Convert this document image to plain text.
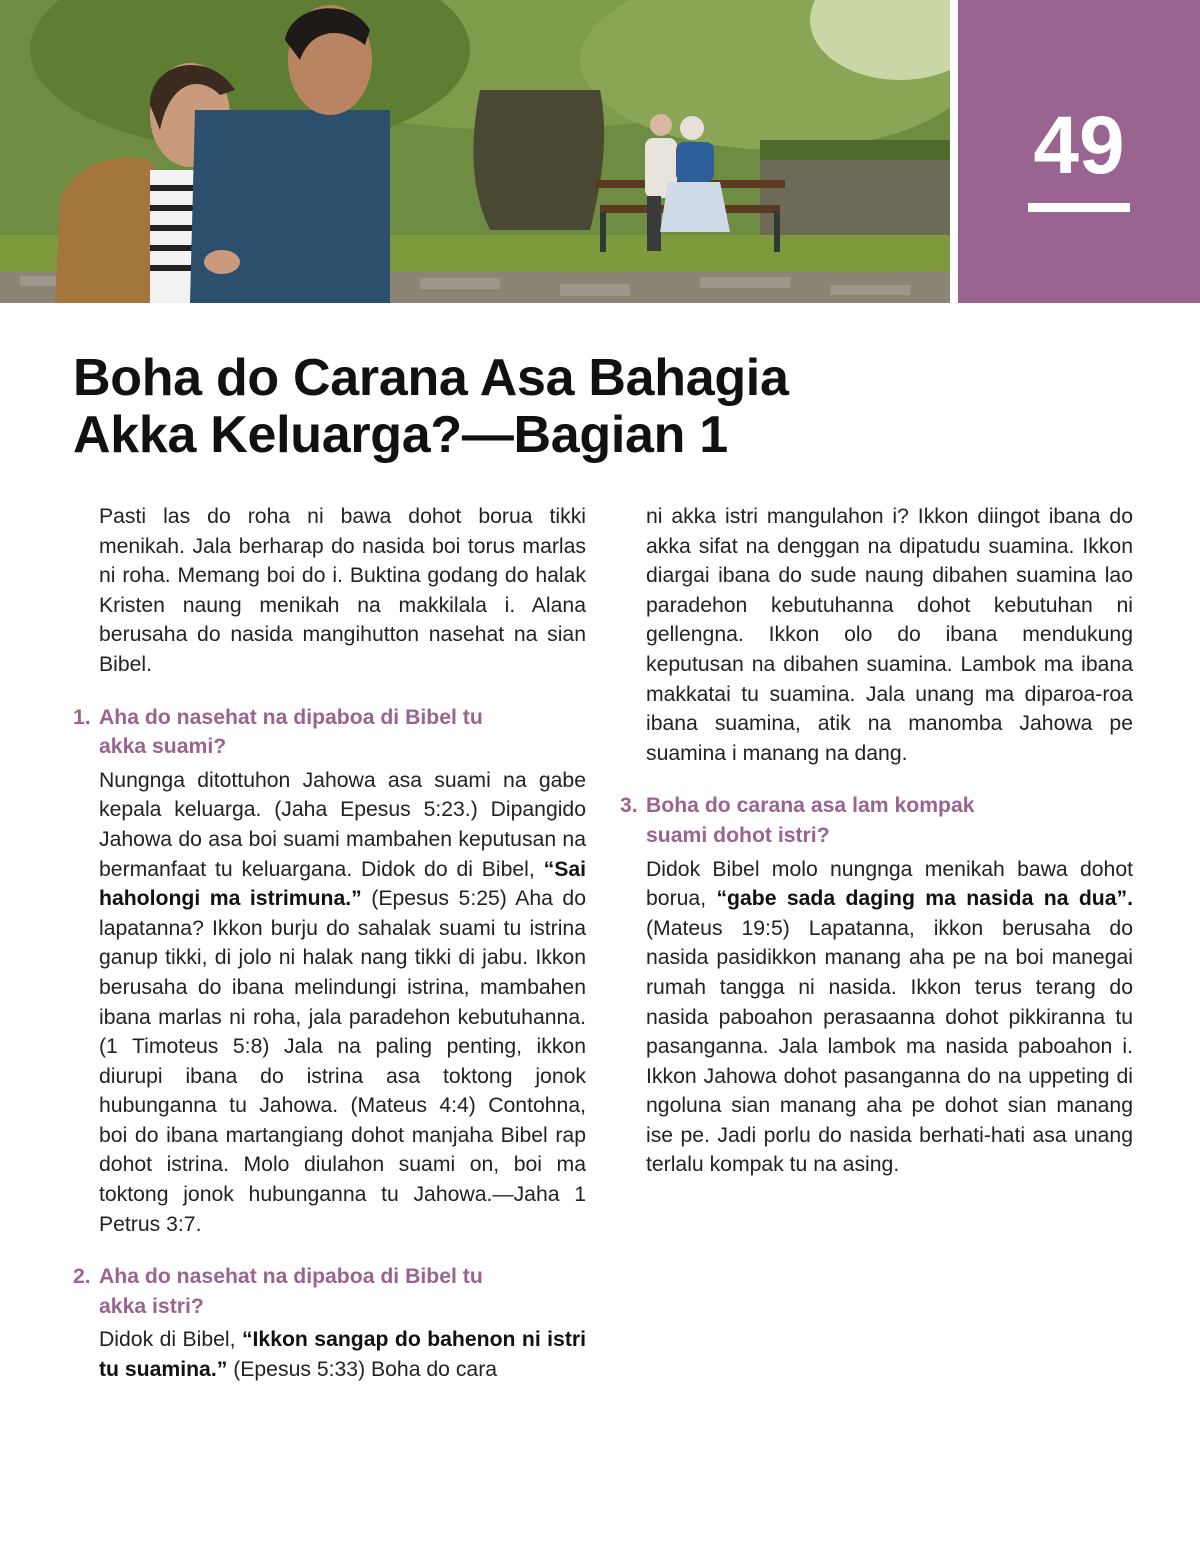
49
Boha do Carana Asa Bahagia
Akka Keluarga?—Bagian 1

Pasti las do roha ni bawa dohot borua tikki menikah. Jala berharap do nasida boi torus marlas ni roha. Memang boi do i. Buktina godang do halak Kristen naung menikah na makkilala i. Alana berusaha do nasida mangihutton nasehat na sian Bibel.

1. Aha do nasehat na dipaboa di Bibel tu akka suami?

Nungnga ditottuhon Jahowa asa suami na gabe kepala keluarga. (Jaha Epesus 5:23.) Dipangido Jahowa do asa boi suami mambahen keputusan na bermanfaat tu keluargana. Didok do di Bibel, “Sai haholongi ma istrimuna.” (Epesus 5:25) Aha do lapatanna? Ikkon burju do sahalak suami tu istrina ganup tikki, di jolo ni halak nang tikki di jabu. Ikkon berusaha do ibana melindungi istrina, mambahen ibana marlas ni roha, jala paradehon kebutuhanna. (1 Timoteus 5:8) Jala na paling penting, ikkon diurupi ibana do istrina asa toktong jonok hubunganna tu Jahowa. (Mateus 4:4) Contohna, boi do ibana martangiang dohot manjaha Bibel rap dohot istrina. Molo diulahon suami on, boi ma toktong jonok hubunganna tu Jahowa.—Jaha 1 Petrus 3:7.

2. Aha do nasehat na dipaboa di Bibel tu akka istri?

Didok di Bibel, “Ikkon sangap do bahenon ni istri tu suamina.” (Epesus 5:33) Boha do cara

ni akka istri mangulahon i? Ikkon diingot ibana do akka sifat na denggan na dipatudu suamina. Ikkon diargai ibana do sude naung dibahen suamina lao paradehon kebutuhanna dohot kebutuhan ni gellengna. Ikkon olo do ibana mendukung keputusan na dibahen suamina. Lambok ma ibana makkatai tu suamina. Jala unang ma diparoa-roa ibana suamina, atik na manomba Jahowa pe suamina i manang na dang.

3. Boha do carana asa lam kompak suami dohot istri?

Didok Bibel molo nungnga menikah bawa dohot borua, “gabe sada daging ma nasida na dua”. (Mateus 19:5) Lapatanna, ikkon berusaha do nasida pasidikkon manang aha pe na boi manegai rumah tangga ni nasida. Ikkon terus terang do nasida paboahon perasaanna dohot pikkiranna tu pasanganna. Jala lambok ma nasida paboahon i. Ikkon Jahowa dohot pasanganna do na uppeting di ngoluna sian manang aha pe dohot sian manang ise pe. Jadi porlu do nasida berhati-hati asa unang terlalu kompak tu na asing.
